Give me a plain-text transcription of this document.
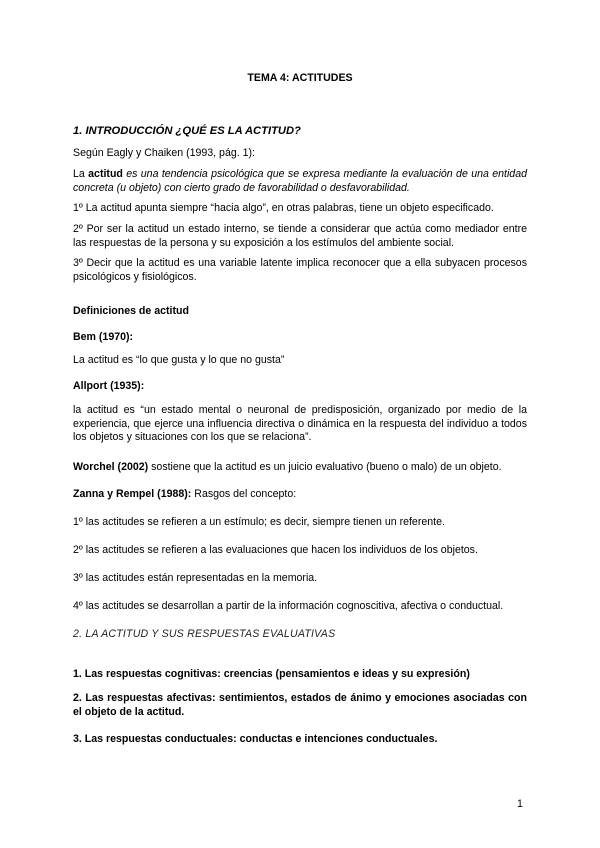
TEMA 4: ACTITUDES

1. INTRODUCCIÓN ¿QUÉ ES LA ACTITUD?

Según Eagly y Chaiken (1993, pág. 1):

La actitud es una tendencia psicológica que se expresa mediante la evaluación de una entidad concreta (u objeto) con cierto grado de favorabilidad o desfavorabilidad.

1º La actitud apunta siempre “hacia algo”, en otras palabras, tiene un objeto especificado.

2º Por ser la actitud un estado interno, se tiende a considerar que actúa como mediador entre las respuestas de la persona y su exposición a los estímulos del ambiente social.

3º Decir que la actitud es una variable latente implica reconocer que a ella subyacen procesos psicológicos y fisiológicos.

Definiciones de actitud

Bem (1970):

La actitud es “lo que gusta y lo que no gusta”

Allport (1935):

la actitud es “un estado mental o neuronal de predisposición, organizado por medio de la experiencia, que ejerce una influencia directiva o dinámica en la respuesta del individuo a todos los objetos y situaciones con los que se relaciona”.

Worchel (2002) sostiene que la actitud es un juicio evaluativo (bueno o malo) de un objeto.

Zanna y Rempel (1988): Rasgos del concepto:

1º las actitudes se refieren a un estímulo; es decir, siempre tienen un referente.

2º las actitudes se refieren a las evaluaciones que hacen los individuos de los objetos.

3º las actitudes están representadas en la memoria.

4º las actitudes se desarrollan a partir de la información cognoscitiva, afectiva o conductual.

2. LA ACTITUD Y SUS RESPUESTAS EVALUATIVAS

1. Las respuestas cognitivas: creencias (pensamientos e ideas y su expresión)

2. Las respuestas afectivas: sentimientos, estados de ánimo y emociones asociadas con el objeto de la actitud.

3. Las respuestas conductuales: conductas e intenciones conductuales.

1
